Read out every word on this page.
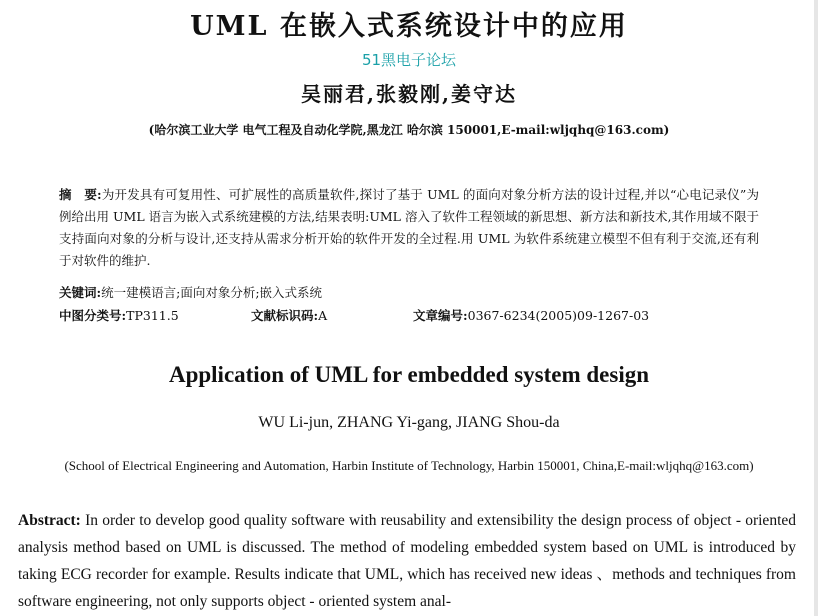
UML 在嵌入式系统设计中的应用
51黑电子论坛
吴丽君,张毅刚,姜守达
(哈尔滨工业大学 电气工程及自动化学院,黑龙江 哈尔滨 150001,E-mail:wljqhq@163.com)
摘　要:为开发具有可复用性、可扩展性的高质量软件,探讨了基于 UML 的面向对象分析方法的设计过程,并以“心电记录仪”为例给出用 UML 语言为嵌入式系统建模的方法,结果表明:UML 溶入了软件工程领域的新思想、新方法和新技术,其作用域不限于支持面向对象的分析与设计,还支持从需求分析开始的软件开发的全过程.用 UML 为软件系统建立模型不但有利于交流,还有利于对软件的维护.
关键词:统一建模语言;面向对象分析;嵌入式系统
中图分类号:TP311.5	文献标识码:A	文章编号:0367-6234(2005)09-1267-03
Application of UML for embedded system design
WU Li-jun, ZHANG Yi-gang, JIANG Shou-da
(School of Electrical Engineering and Automation, Harbin Institute of Technology, Harbin 150001, China,E-mail:wljqhq@163.com)
Abstract: In order to develop good quality software with reusability and extensibility the design process of object - oriented analysis method based on UML is discussed. The method of modeling embedded system based on UML is introduced by taking ECG recorder for example. Results indicate that UML, which has received new ideas 、methods and techniques from software engineering, not only supports object - oriented system anal-
